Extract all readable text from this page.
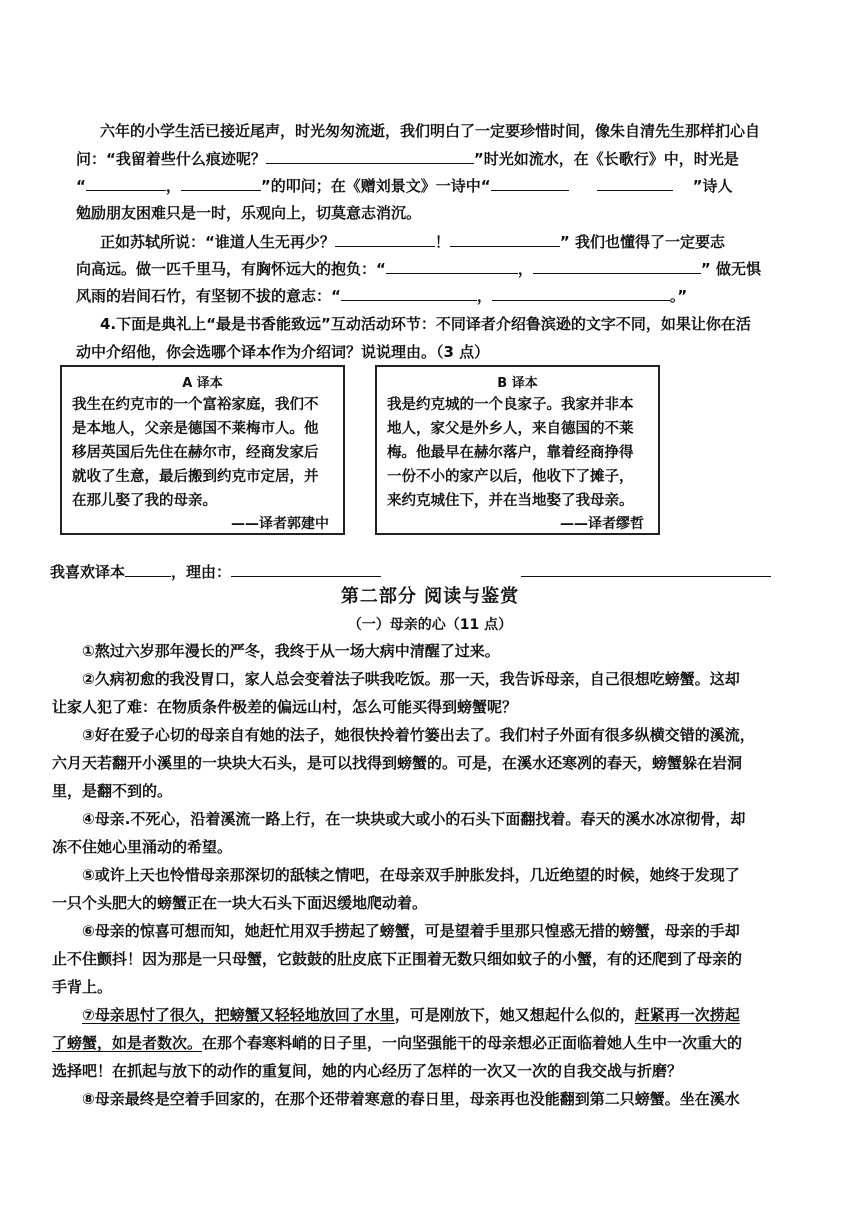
六年的小学生活已接近尾声，时光匆匆流逝，我们明白了一定要珍惜时间，像朱自清先生那样扪心自
问：“我留着些什么痕迹呢？	”时光如流水，在《长歌行》中，时光是
“	，	”的叩问；在《赠刘景文》一诗中“	”诗人
勉励朋友困难只是一时，乐观向上，切莫意志消沉。
正如苏轼所说：“谁道人生无再少？	！	” 我们也懂得了一定要志
向高远。做一匹千里马，有胸怀远大的抱负：“	，	” 做无惧
风雨的岩间石竹，有坚韧不拔的意志：“	，	。”
4.下面是典礼上“最是书香能致远”互动活动环节：不同译者介绍鲁滨逊的文字不同，如果让你在活
动中介绍他，你会选哪个译本作为介绍词？说说理由。（3 点）
A 译本
我生在约克市的一个富裕家庭，我们不
是本地人，父亲是德国不莱梅市人。他
移居英国后先住在赫尔市，经商发家后
就收了生意，最后搬到约克市定居，并
在那儿娶了我的母亲。
——译者郭建中
B 译本
我是约克城的一个良家子。我家并非本
地人，家父是外乡人，来自德国的不莱
梅。他最早在赫尔落户，靠着经商挣得
一份不小的家产以后，他收下了摊子，
来约克城住下，并在当地娶了我母亲。
——译者缪哲
我喜欢译本	，理由：
第二部分 阅读与鉴赏
（一）母亲的心（11 点）
①熬过六岁那年漫长的严冬，我终于从一场大病中清醒了过来。
②久病初愈的我没胃口，家人总会变着法子哄我吃饭。那一天，我告诉母亲，自己很想吃螃蟹。这却
让家人犯了难：在物质条件极差的偏远山村，怎么可能买得到螃蟹呢？
③好在爱子心切的母亲自有她的法子，她很快拎着竹篓出去了。我们村子外面有很多纵横交错的溪流，
六月天若翻开小溪里的一块块大石头，是可以找得到螃蟹的。可是，在溪水还寒冽的春天，螃蟹躲在岩洞
里，是翻不到的。
④母亲.不死心，沿着溪流一路上行，在一块块或大或小的石头下面翻找着。春天的溪水冰凉彻骨，却
冻不住她心里涌动的希望。
⑤或许上天也怜惜母亲那深切的舐犊之情吧，在母亲双手肿胀发抖，几近绝望的时候，她终于发现了
一只个头肥大的螃蟹正在一块大石头下面迟缓地爬动着。
⑥母亲的惊喜可想而知，她赶忙用双手捞起了螃蟹，可是望着手里那只惶惑无措的螃蟹，母亲的手却
止不住颤抖！因为那是一只母蟹，它鼓鼓的肚皮底下正围着无数只细如蚊子的小蟹，有的还爬到了母亲的
手背上。
⑦母亲思忖了很久，把螃蟹又轻轻地放回了水里，可是刚放下，她又想起什么似的，赶紧再一次捞起
了螃蟹，如是者数次。在那个春寒料峭的日子里，一向坚强能干的母亲想必正面临着她人生中一次重大的
选择吧！在抓起与放下的动作的重复间，她的内心经历了怎样的一次又一次的自我交战与折磨？
⑧母亲最终是空着手回家的，在那个还带着寒意的春日里，母亲再也没能翻到第二只螃蟹。坐在溪水
